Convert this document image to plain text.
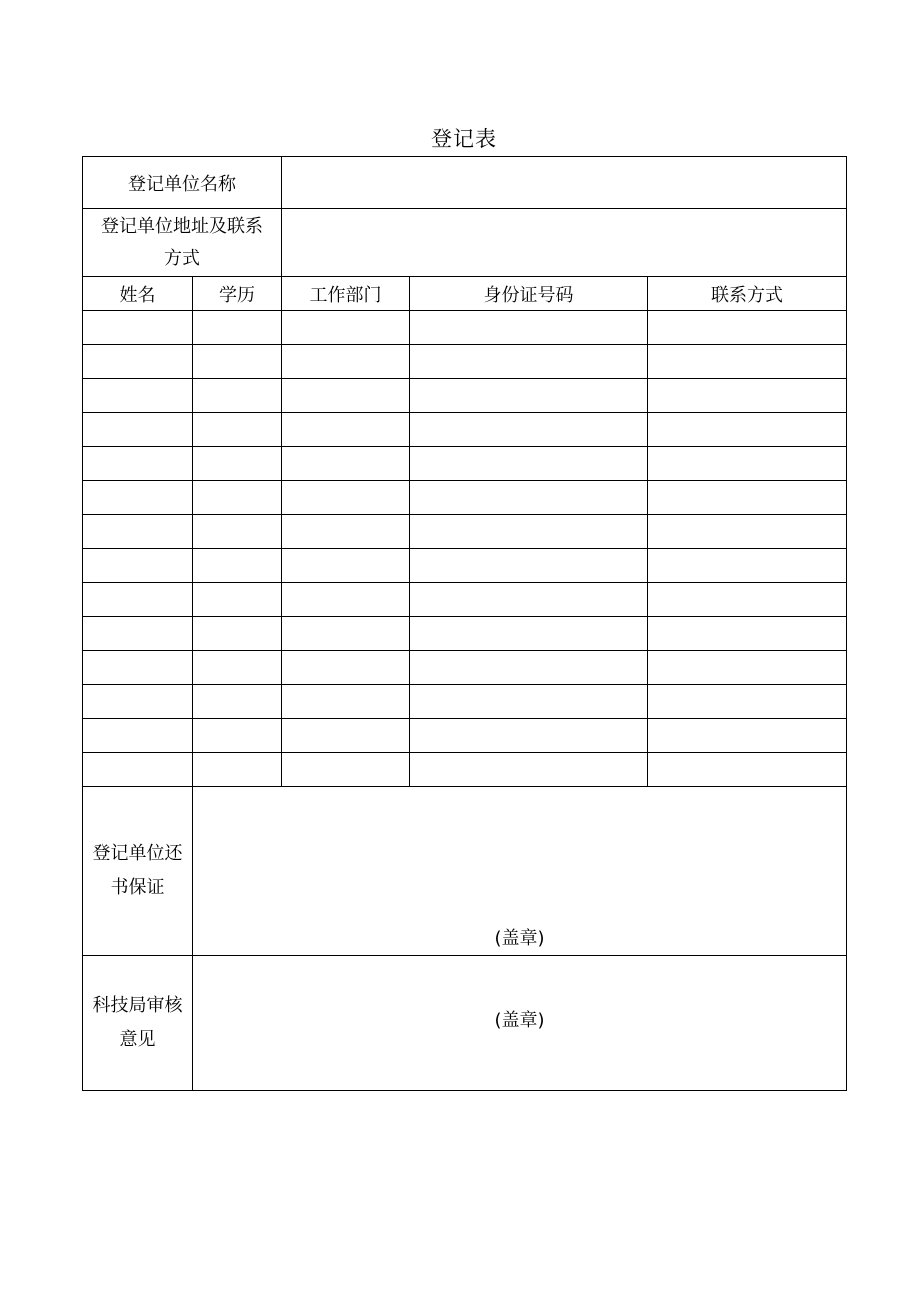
登记表
登记单位名称				

登记单位地址及联系
方式				

姓名	学历	工作部门	身份证号码	联系方式

登记单位还
书保证	(盖章)			

科技局审核
意见	(盖章)			
